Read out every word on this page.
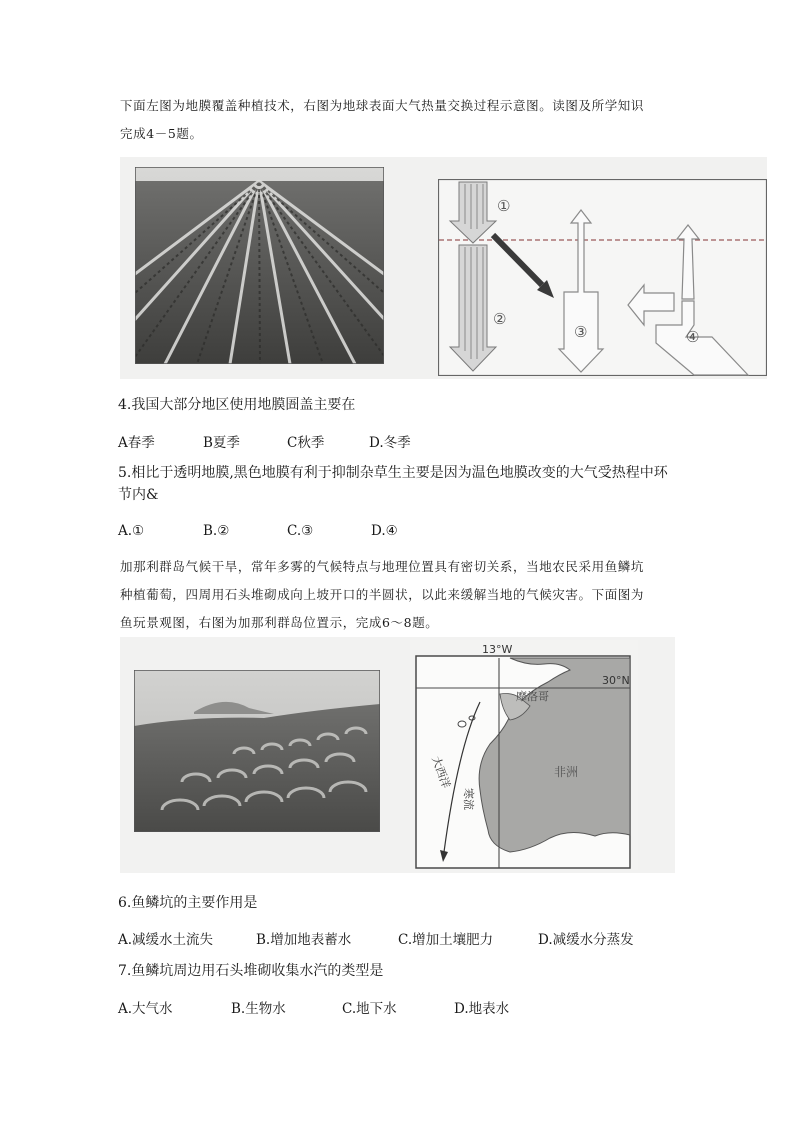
下面左图为地膜覆盖种植技术，右图为地球表面大气热量交换过程示意图。读图及所学知识
完成4－5题。
①
②
③	④
4.我国大部分地区使用地膜圄盖主要在
A春季	B夏季	C秋季	D.冬季
5.相比于透明地膜,黑色地膜有利于抑制杂草生主要是因为温色地膜改变的大气受热程中环
节内&
A.①	B.②	C.③	D.④
加那利群岛气候干旱，常年多雾的气候特点与地理位置具有密切关系，当地农民采用鱼鳞坑
种植葡萄，四周用石头堆砌成向上坡开口的半圆状，以此来缓解当地的气候灾害。下面图为
鱼玩景观图，右图为加那利群岛位置示，完成6～8题。
13°W
30°N
摩洛哥
非洲
大西洋
寒流
6.鱼鳞坑的主要作用是
A.减缓水土流失	B.增加地表蓄水	C.增加土壤肥力	D.减缓水分蒸发
7.鱼鳞坑周边用石头堆砌收集水汽的类型是
A.大气水	B.生物水	C.地下水	D.地表水
